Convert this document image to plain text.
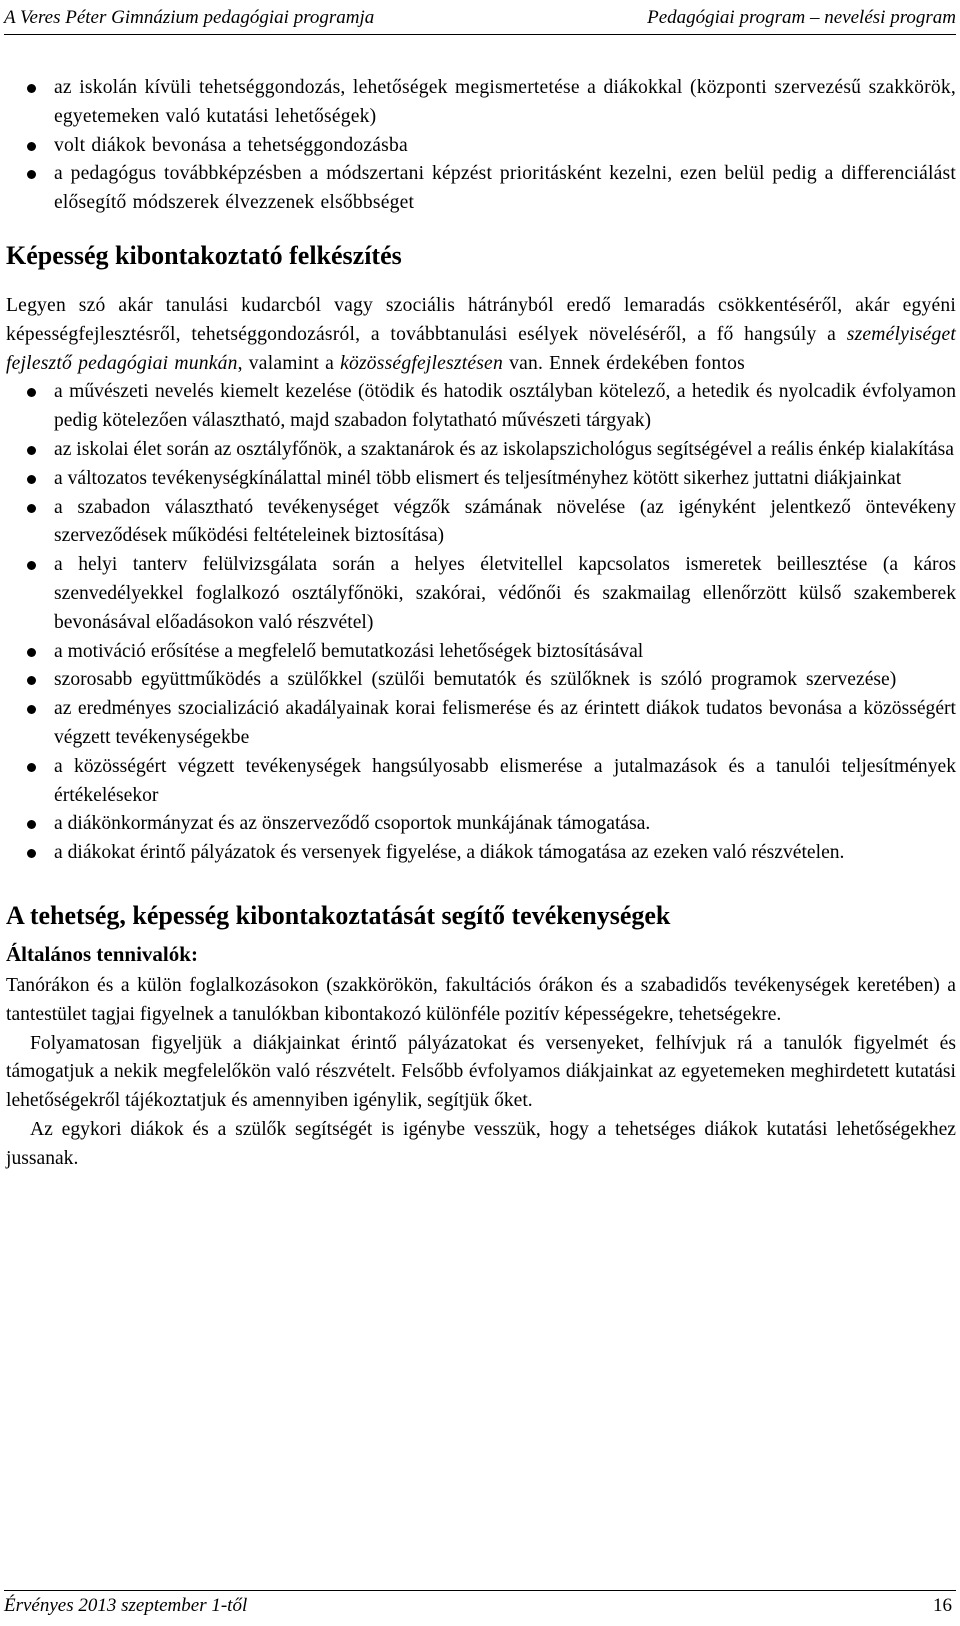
A Veres Péter Gimnázium pedagógiai programja	Pedagógiai program – nevelési program
az iskolán kívüli tehetséggondozás, lehetőségek megismertetése a diákokkal (központi szervezésű szakkörök, egyetemeken való kutatási lehetőségek)
volt diákok bevonása a tehetséggondozásba
a pedagógus továbbképzésben a módszertani képzést prioritásként kezelni, ezen belül pedig a differenciálást elősegítő módszerek élvezzenek elsőbbséget
Képesség kibontakoztató felkészítés

Legyen szó akár tanulási kudarcból vagy szociális hátrányból eredő lemaradás csökkentéséről, akár egyéni képességfejlesztésről, tehetséggondozásról, a továbbtanulási esélyek növeléséről, a fő hangsúly a személyiséget fejlesztő pedagógiai munkán, valamint a közösségfejlesztésen van. Ennek érdekében fontos

a művészeti nevelés kiemelt kezelése (ötödik és hatodik osztályban kötelező, a hetedik és nyolcadik évfolyamon pedig kötelezően választható, majd szabadon folytatható művészeti tárgyak)
az iskolai élet során az osztályfőnök, a szaktanárok és az iskolapszichológus segítségével a reális énkép kialakítása
a változatos tevékenységkínálattal minél több elismert és teljesítményhez kötött sikerhez juttatni diákjainkat
a szabadon választható tevékenységet végzők számának növelése (az igényként jelentkező öntevékeny szerveződések működési feltételeinek biztosítása)
a helyi tanterv felülvizsgálata során a helyes életvitellel kapcsolatos ismeretek beillesztése (a káros szenvedélyekkel foglalkozó osztályfőnöki, szakórai, védőnői és szakmailag ellenőrzött külső szakemberek bevonásával előadásokon való részvétel)
a motiváció erősítése a megfelelő bemutatkozási lehetőségek biztosításával
szorosabb együttműködés a szülőkkel (szülői bemutatók és szülőknek is szóló programok szervezése)
az eredményes szocializáció akadályainak korai felismerése és az érintett diákok tudatos bevonása a közösségért végzett tevékenységekbe
a közösségért végzett tevékenységek hangsúlyosabb elismerése a jutalmazások és a tanulói teljesítmények értékelésekor
a diákönkormányzat és az önszerveződő csoportok munkájának támogatása.
a diákokat érintő pályázatok és versenyek figyelése, a diákok támogatása az ezeken való részvételen.
A tehetség, képesség kibontakoztatását segítő tevékenységek
Általános tennivalók:

Tanórákon és a külön foglalkozásokon (szakkörökön, fakultációs órákon és a szabadidős tevékenységek keretében) a tantestület tagjai figyelnek a tanulókban kibontakozó különféle pozitív képességekre, tehetségekre.

Folyamatosan figyeljük a diákjainkat érintő pályázatokat és versenyeket, felhívjuk rá a tanulók figyelmét és támogatjuk a nekik megfelelőkön való részvételt. Felsőbb évfolyamos diákjainkat az egyetemeken meghirdetett kutatási lehetőségekről tájékoztatjuk és amennyiben igénylik, segítjük őket.

Az egykori diákok és a szülők segítségét is igénybe vesszük, hogy a tehetséges diákok kutatási lehetőségekhez jussanak.

Érvényes 2013 szeptember 1-től	16
